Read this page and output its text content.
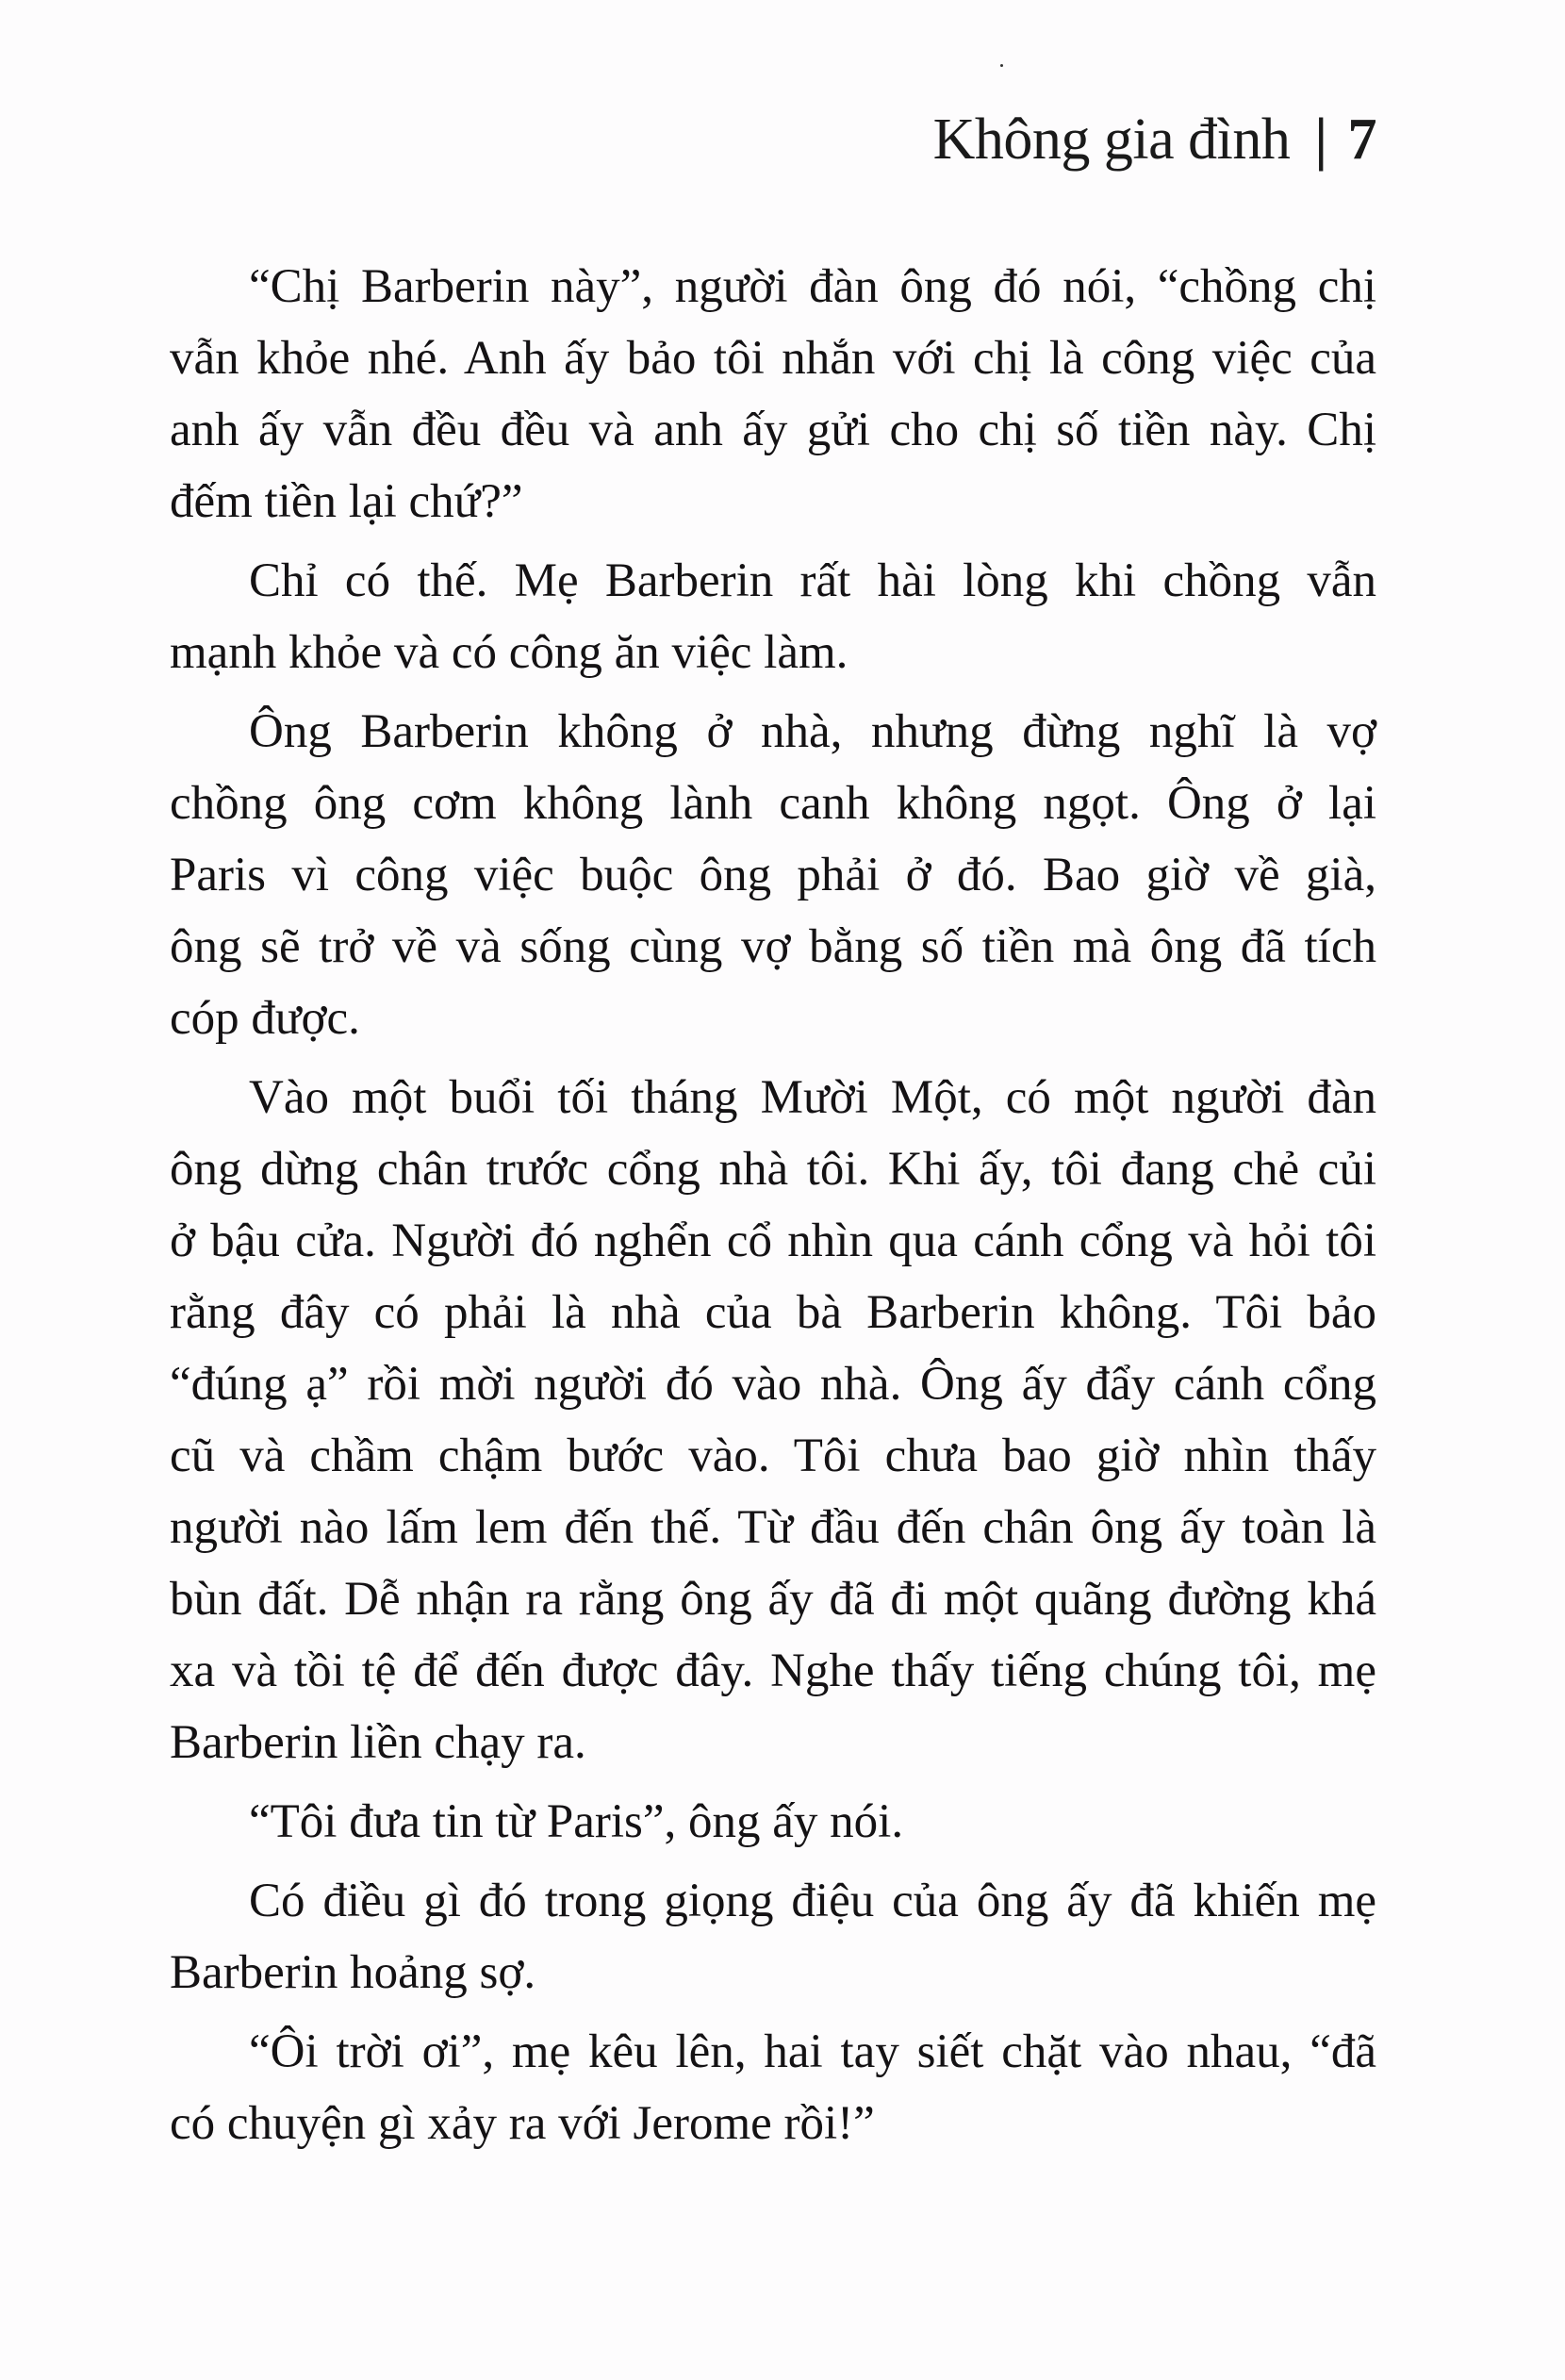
Không gia đình | 7
“Chị Barberin này”, người đàn ông đó nói, “chồng chị
vẫn khỏe nhé. Anh ấy bảo tôi nhắn với chị là công việc của
anh ấy vẫn đều đều và anh ấy gửi cho chị số tiền này. Chị
đếm tiền lại chứ?”
Chỉ có thế. Mẹ Barberin rất hài lòng khi chồng vẫn
mạnh khỏe và có công ăn việc làm.
Ông Barberin không ở nhà, nhưng đừng nghĩ là vợ
chồng ông cơm không lành canh không ngọt. Ông ở lại
Paris vì công việc buộc ông phải ở đó. Bao giờ về già,
ông sẽ trở về và sống cùng vợ bằng số tiền mà ông đã tích
cóp được.
Vào một buổi tối tháng Mười Một, có một người đàn
ông dừng chân trước cổng nhà tôi. Khi ấy, tôi đang chẻ củi
ở bậu cửa. Người đó nghển cổ nhìn qua cánh cổng và hỏi tôi
rằng đây có phải là nhà của bà Barberin không. Tôi bảo
“đúng ạ” rồi mời người đó vào nhà. Ông ấy đẩy cánh cổng
cũ và chầm chậm bước vào. Tôi chưa bao giờ nhìn thấy
người nào lấm lem đến thế. Từ đầu đến chân ông ấy toàn là
bùn đất. Dễ nhận ra rằng ông ấy đã đi một quãng đường khá
xa và tồi tệ để đến được đây. Nghe thấy tiếng chúng tôi, mẹ
Barberin liền chạy ra.
“Tôi đưa tin từ Paris”, ông ấy nói.
Có điều gì đó trong giọng điệu của ông ấy đã khiến mẹ
Barberin hoảng sợ.
“Ôi trời ơi”, mẹ kêu lên, hai tay siết chặt vào nhau, “đã
có chuyện gì xảy ra với Jerome rồi!”
